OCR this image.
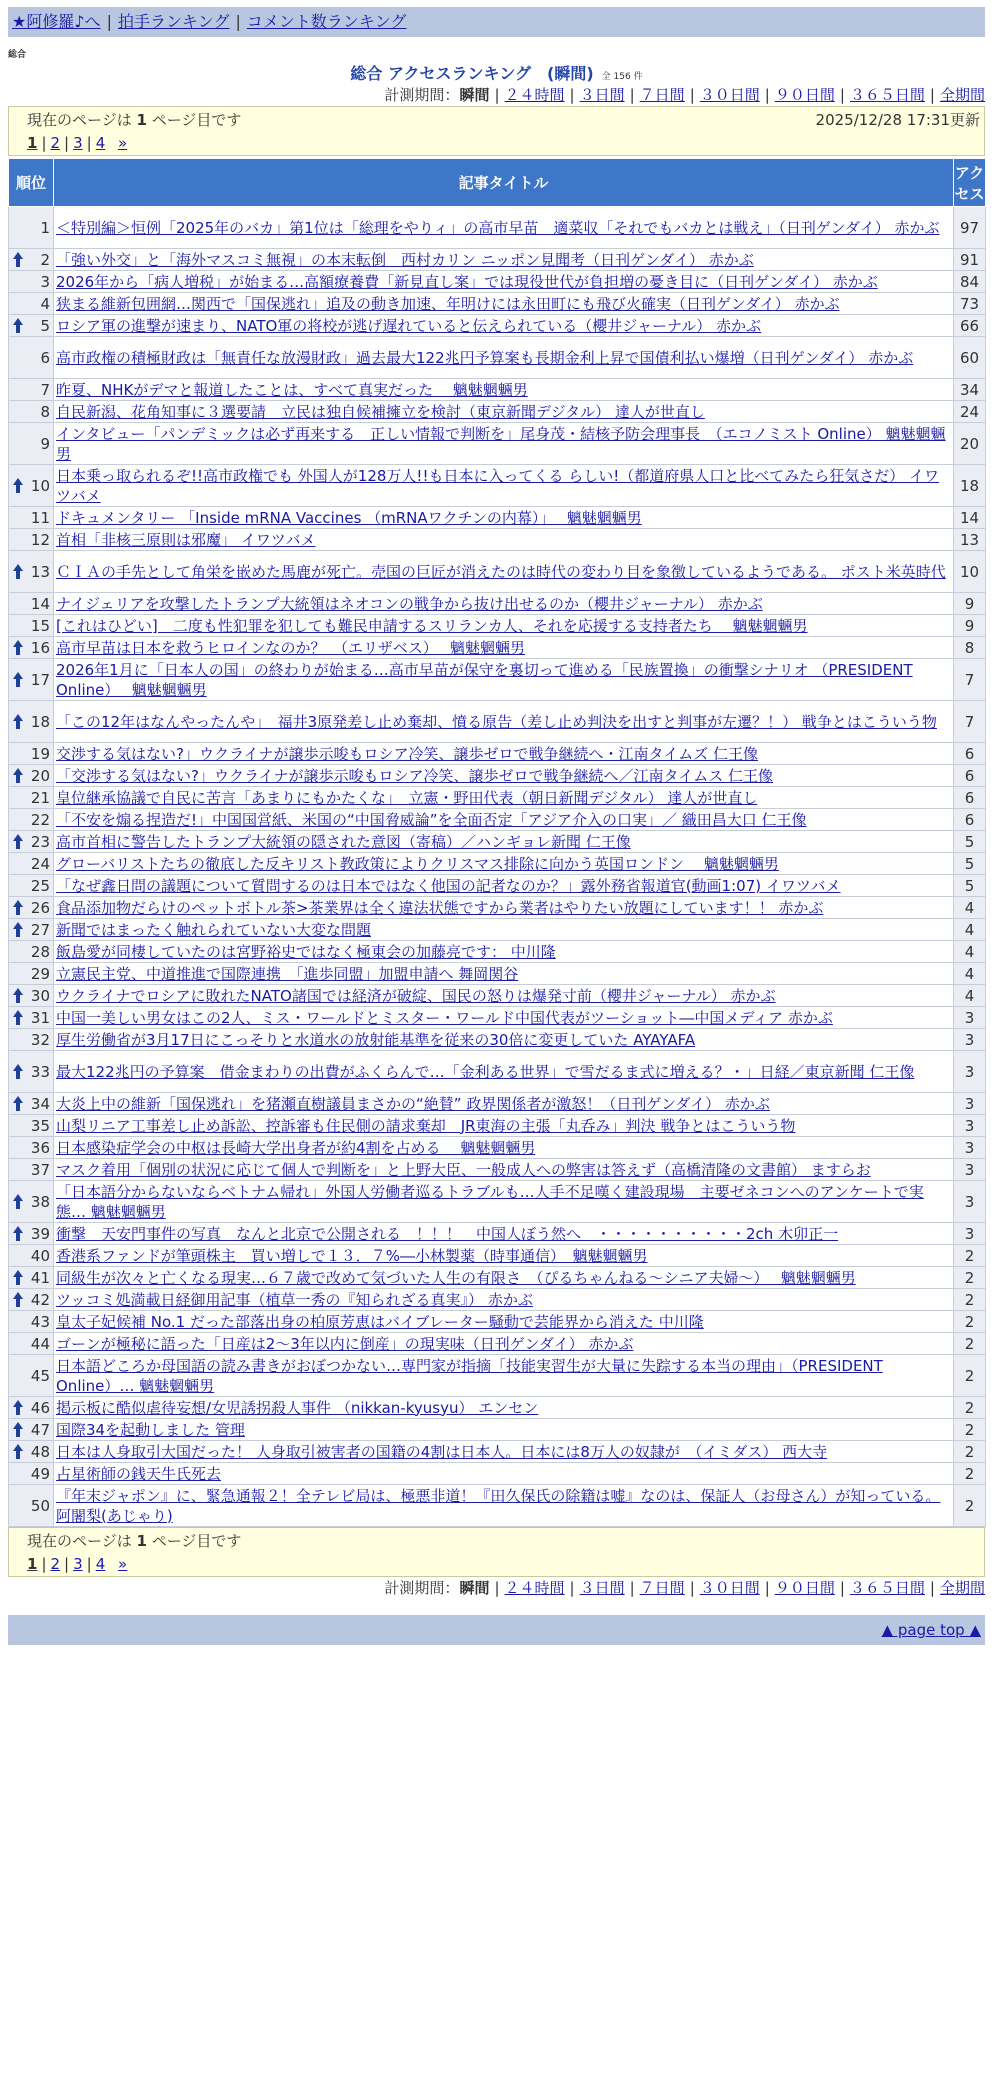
★阿修羅♪へ | 拍手ランキング | コメント数ランキング
総合
総合 アクセスランキング　(瞬間) 全 156 件
計測期間：瞬間 | ２４時間 | ３日間 | ７日間 | ３０日間 | ９０日間 | ３６５日間 | 全期間
現在のページは 1 ページ目です	2025/12/28 17:31更新
1 | 2 | 3 | 4 »
順位	記事タイトル	アクセス
1	＜特別編＞恒例「2025年のバカ」第1位は「総理をやりィ」の高市早苗　適菜収「それでもバカとは戦え」（日刊ゲンダイ） 赤かぶ	97

2	「強い外交」と「海外マスコミ無視」の本末転倒　西村カリン ニッポン見聞考（日刊ゲンダイ） 赤かぶ	91
3	2026年から「病人増税」が始まる…高額療養費「新見直し案」では現役世代が負担増の憂き目に（日刊ゲンダイ） 赤かぶ	84
4	狭まる維新包囲網…関西で「国保逃れ」追及の動き加速、年明けには永田町にも飛び火確実（日刊ゲンダイ） 赤かぶ	73

5	ロシア軍の進撃が速まり、NATO軍の将校が逃げ遅れていると伝えられている（櫻井ジャーナル） 赤かぶ	66
6	高市政権の積極財政は「無責任な放漫財政」過去最大122兆円予算案も長期金利上昇で国債利払い爆増（日刊ゲンダイ） 赤かぶ	60
7	昨夏、NHKがデマと報道したことは、すべて真実だった　 魑魅魍魎男	34
8	自民新潟、花角知事に３選要請　立民は独自候補擁立を検討（東京新聞デジタル） 達人が世直し	24
9	インタビュー「パンデミックは必ず再来する　正しい情報で判断を」尾身茂・結核予防会理事長　（エコノミスト Online） 魑魅魍魎男	20

10	日本乗っ取られるぞ!!高市政権でも 外国人が128万人!!も日本に入ってくる らしい!（都道府県人口と比べてみたら狂気さだ） イワツバメ	18
11	ドキュメンタリー 「Inside mRNA Vaccines （mRNAワクチンの内幕）」　 魑魅魍魎男	14
12	首相「非核三原則は邪魔」 イワツバメ	13

13	ＣＩＡの手先として角栄を嵌めた馬鹿が死亡。売国の巨匠が消えたのは時代の変わり目を象徴しているようである。 ポスト米英時代	10
14	ナイジェリアを攻撃したトランプ大統領はネオコンの戦争から抜け出せるのか（櫻井ジャーナル） 赤かぶ	9
15	[これはひどい]　二度も性犯罪を犯しても難民申請するスリランカ人、それを応援する支持者たち　 魑魅魍魎男	9

16	高市早苗は日本を救うヒロインなのか？　（エリザベス）　 魑魅魍魎男	8

17	2026年1月に「日本人の国」の終わりが始まる…高市早苗が保守を裏切って進める「民族置換」の衝撃シナリオ （PRESIDENT Online）　 魑魅魍魎男	7

18	「この12年はなんやったんや」　福井3原発差し止め棄却、憤る原告（差し止め判決を出すと判事が左遷？！） 戦争とはこういう物	7
19	交渉する気はない?」ウクライナが譲歩示唆もロシア冷笑、譲歩ゼロで戦争継続へ・江南タイムズ 仁王像	6

20	「交渉する気はない?」ウクライナが譲歩示唆もロシア冷笑、譲歩ゼロで戦争継続へ／江南タイムス 仁王像	6
21	皇位継承協議で自民に苦言「あまりにもかたくな」　立憲・野田代表（朝日新聞デジタル） 達人が世直し	6
22	「不安を煽る捏造だ!」中国国営紙、米国の“中国脅威論”を全面否定「アジア介入の口実」／ 織田昌大口 仁王像	6

23	高市首相に警告したトランプ大統領の隠された意図（寄稿）／ハンギョレ新聞 仁王像	5
24	グローバリストたちの徹底した反キリスト教政策によりクリスマス排除に向かう英国ロンドン　 魑魅魍魎男	5
25	「なぜ鑫日問の議題について質問するのは日本ではなく他国の記者なのか？」露外務省報道官(動画1:07) イワツバメ	5

26	食品添加物だらけのペットボトル茶>茶業界は全く違法状態ですから業者はやりたい放題にしています！！ 赤かぶ	4

27	新聞ではまったく触れられていない大変な問題	4
28	飯島愛が同棲していたのは宮野裕史ではなく極東会の加藤亮です： 中川隆	4
29	立憲民主党、中道推進で国際連携　「進歩同盟」加盟申請へ 舞岡関谷	4

30	ウクライナでロシアに敗れたNATO諸国では経済が破綻、国民の怒りは爆発寸前（櫻井ジャーナル） 赤かぶ	4

31	中国一美しい男女はこの2人、ミス・ワールドとミスター・ワールド中国代表がツーショット―中国メディア 赤かぶ	3
32	厚生労働省が3月17日にこっそりと水道水の放射能基準を従来の30倍に変更していた AYAYAFA	3

33	最大122兆円の予算案　借金まわりの出費がふくらんで…「金利ある世界」で雪だるま式に増える？・」日経／東京新聞 仁王像	3

34	大炎上中の維新「国保逃れ」を猪瀬直樹議員まさかの“絶賛” 政界関係者が激怒！（日刊ゲンダイ） 赤かぶ	3
35	山梨リニア工事差し止め訴訟、控訴審も住民側の請求棄却　JR東海の主張「丸呑み」判決 戦争とはこういう物	3
36	日本感染症学会の中枢は長崎大学出身者が約4割を占める　 魑魅魍魎男	3
37	マスク着用「個別の状況に応じて個人で判断を」と上野大臣、一般成人への弊害は答えず（高橋清隆の文書館） ますらお	3

38	「日本語分からないならベトナム帰れ」外国人労働者巡るトラブルも…人手不足嘆く建設現場　主要ゼネコンへのアンケートで実態… 魑魅魍魎男	3

39	衝撃　天安門事件の写真　なんと北京で公開される　！！！　中国人ぼう然へ　・・・・・・・・・・2ch 木卯正一	3
40	香港系ファンドが筆頭株主　買い増しで１３．７%―小林製薬（時事通信）　魑魅魍魎男	2

41	同級生が次々と亡くなる現実…６７歳で改めて気づいた人生の有限さ　（ぴるちゃんねる～シニア夫婦～）　 魑魅魍魎男	2

42	ツッコミ処満載日経御用記事（植草一秀の『知られざる真実』） 赤かぶ	2
43	皇太子妃候補 No.1 だった部落出身の柏原芳恵はバイブレーター騒動で芸能界から消えた 中川隆	2
44	ゴーンが極秘に語った「日産は2～3年以内に倒産」の現実味（日刊ゲンダイ） 赤かぶ	2
45	日本語どころか母国語の読み書きがおぼつかない…専門家が指摘「技能実習生が大量に失踪する本当の理由」（PRESIDENT Online）… 魑魅魍魎男	2

46	掲示板に酷似虐待妄想/女児誘拐殺人事件 （nikkan-kyusyu） エンセン	2

47	国際34を起動しました 管理	2

48	日本は人身取引大国だった！ 人身取引被害者の国籍の4割は日本人。日本には8万人の奴隷が　（イミダス） 西大寺	2
49	占星術師の銭天牛氏死去	2
50	『年末ジャポン』に、緊急通報２！全テレビ局は、極悪非道！『田久保氏の除籍は嘘』なのは、保証人（お母さん）が知っている。 阿闍梨(あじゃり)	2
現在のページは 1 ページ目です
1 | 2 | 3 | 4 »
計測期間：瞬間 | ２４時間 | ３日間 | ７日間 | ３０日間 | ９０日間 | ３６５日間 | 全期間
▲ page top ▲
